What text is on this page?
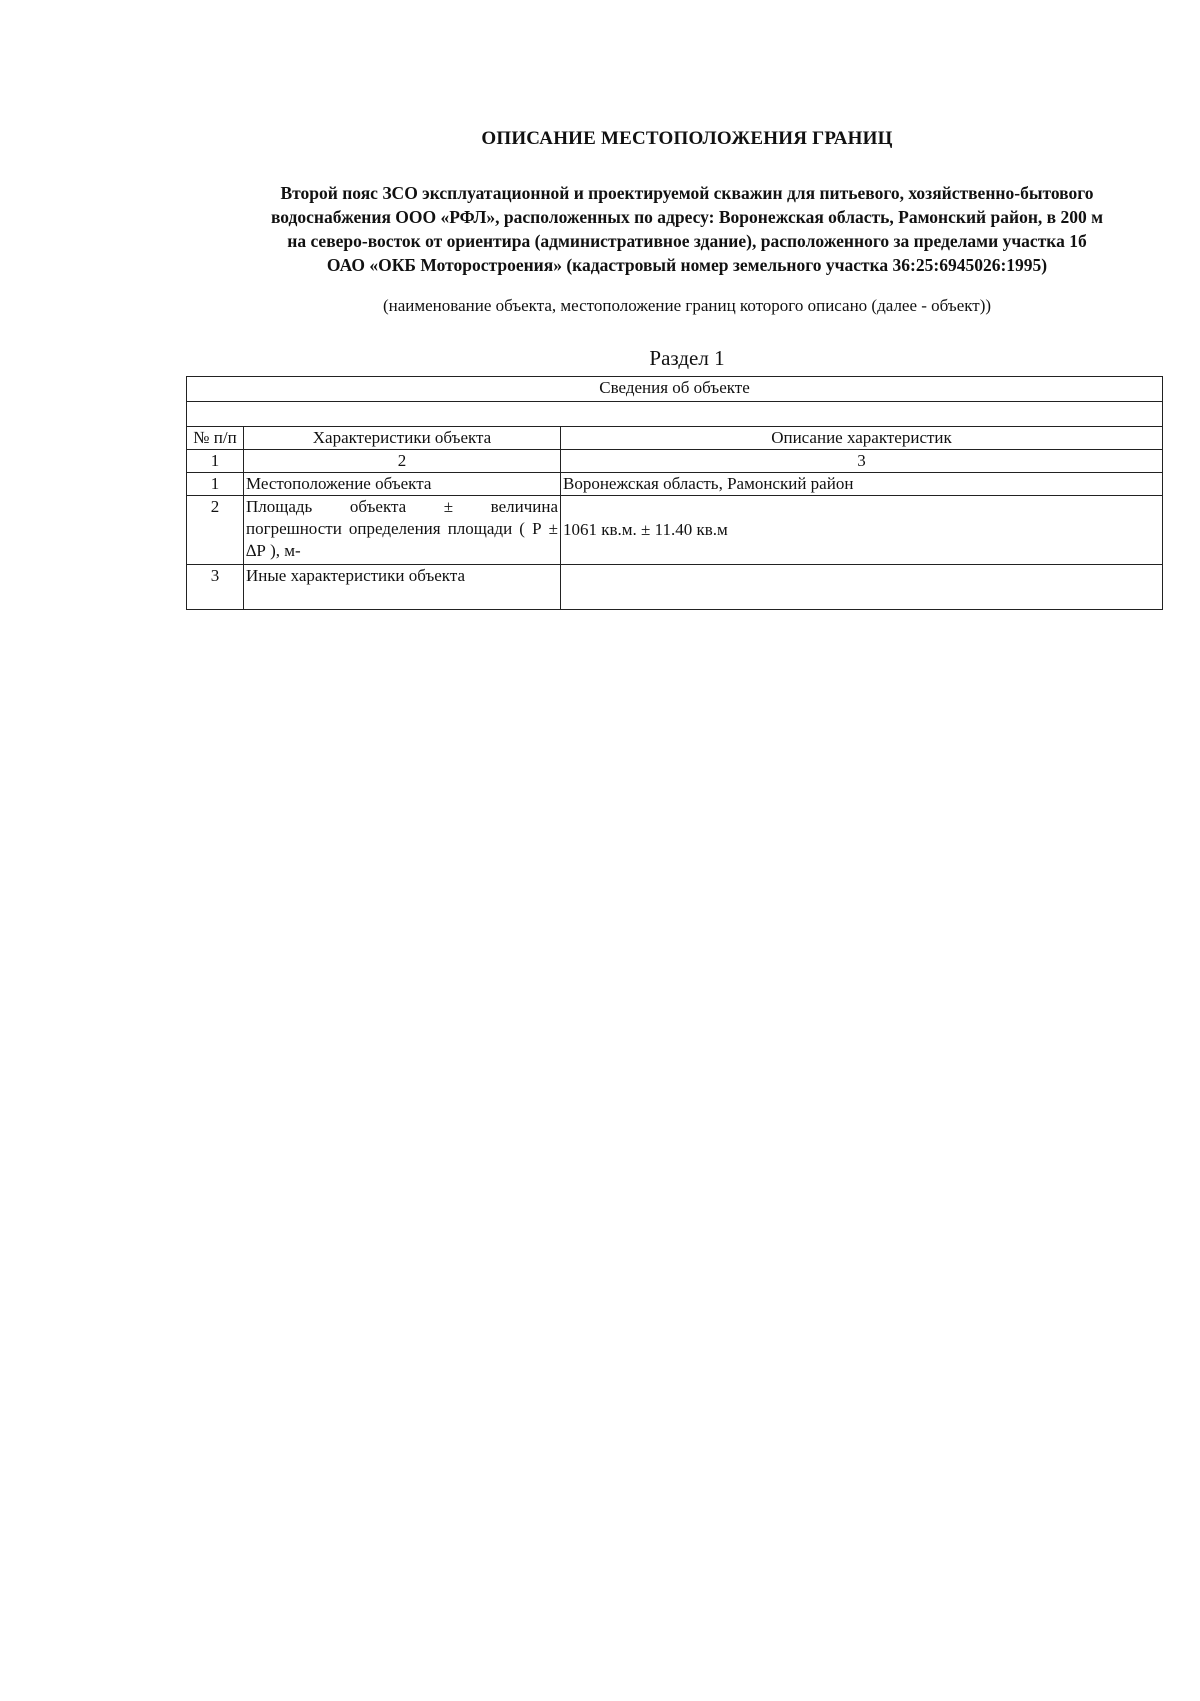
ОПИСАНИЕ МЕСТОПОЛОЖЕНИЯ ГРАНИЦ
Второй пояс ЗСО эксплуатационной и проектируемой скважин для питьевого, хозяйственно-бытового
водоснабжения ООО «РФЛ», расположенных по адресу: Воронежская область, Рамонский район, в 200 м
на северо-восток от ориентира (административное здание), расположенного за пределами участка 1б
ОАО «ОКБ Моторостроения» (кадастровый номер земельного участка 36:25:6945026:1995)

(наименование объекта, местоположение границ которого описано (далее - объект))

Раздел 1
Сведения об объекте		

№ п/п	Характеристики объекта	Описание характеристик
1	2	3
1	Местоположение объекта	Воронежская область, Рамонский район
2	Площадь объекта ± величина погрешности определения площади ( Р ± ∆Р ), м-	1061 кв.м. ± 11.40 кв.м
3	Иные характеристики объекта	
